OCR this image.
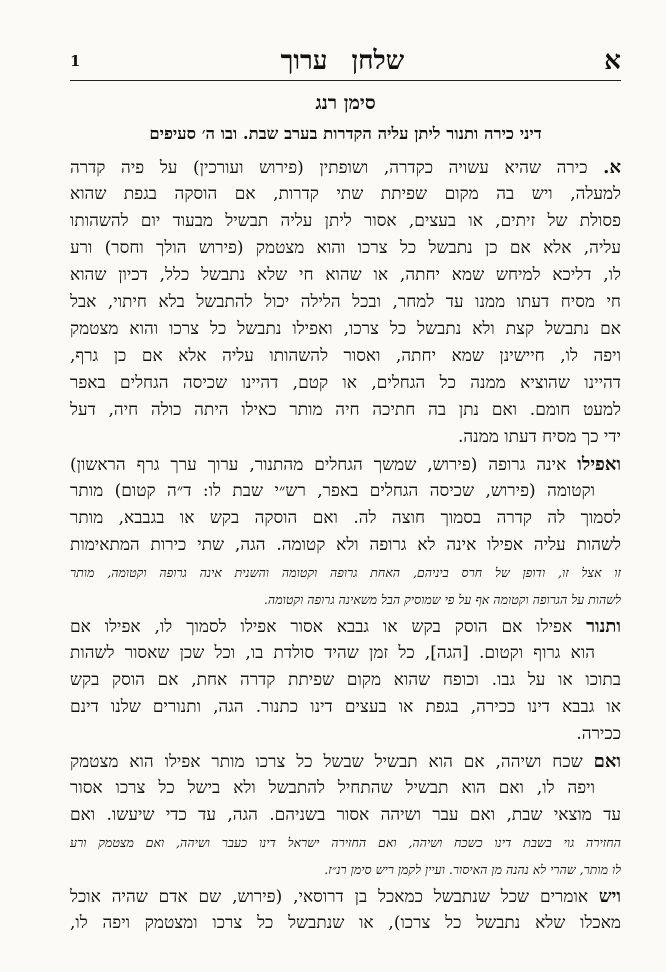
1	שלחן
ערוך	א
סימן רנג
דיני כירה ותנור ליתן עליה הקדרות בערב שבת. ובו ה׳ סעיפים
א. כירה שהיא עשויה כקדרה, ושופתין (פירוש ועורכין) על פיה קדרה
למעלה, ויש בה מקום שפיתת שתי קדרות, אם הוסקה בגפת שהוא
פסולת של זיתים, או בעצים, אסור ליתן עליה תבשיל מבעוד יום להשהותו
עליה, אלא אם כן נתבשל כל צרכו והוא מצטמק (פירוש הולך וחסר) ורע
לו, דליכא למיחש שמא יחתה, או שהוא חי שלא נתבשל כלל, דכיון שהוא
חי מסיח דעתו ממנו עד למחר, ובכל הלילה יכול להתבשל בלא חיתוי, אבל
אם נתבשל קצת ולא נתבשל כל צרכו, ואפילו נתבשל כל צרכו והוא מצטמק
ויפה לו, חיישינן שמא יחתה, ואסור להשהותו עליה אלא אם כן גרף,
דהיינו שהוציא ממנה כל הגחלים, או קטם, דהיינו שכיסה הגחלים באפר
למעט חומם. ואם נתן בה חתיכה חיה מותר כאילו היתה כולה חיה, דעל
ידי כך מסיח דעתו ממנה.
ואפילו אינה גרופה (פירוש, שמשך הגחלים מהתנור, ערוך ערך גרף הראשון)
וקטומה (פירוש, שכיסה הגחלים באפר, רש״י שבת לו: ד״ה קטום) מותר
לסמוך לה קדרה בסמוך חוצה לה. ואם הוסקה בקש או בגבבא, מותר
לשהות עליה אפילו אינה לא גרופה ולא קטומה. הגה, שתי כירות המתאימות
זו אצל זו, ודופן של חרס ביניהם, האחת גרופה וקטומה והשנית אינה גרופה וקטומה, מותר
לשהות על הגרופה וקטומה אף על פי שמוסיק הבל משאינה גרופה וקטומה.
ותנור אפילו אם הוסק בקש או גבבא אסור אפילו לסמוך לו, אפילו אם
הוא גרוף וקטום. [הגה], כל זמן שהיד סולדת בו, וכל שכן שאסור לשהות
בתוכו או על גבו. וכופח שהוא מקום שפיתת קדרה אחת, אם הוסק בקש
או גבבא דינו ככירה, בגפת או בעצים דינו כתנור. הגה, ותנורים שלנו דינם
ככירה.
ואם שכח ושיהה, אם הוא תבשיל שבשל כל צרכו מותר אפילו הוא מצטמק
ויפה לו, ואם הוא תבשיל שהתחיל להתבשל ולא בישל כל צרכו אסור
עד מוצאי שבת, ואם עבר ושיהה אסור בשניהם. הגה, עד כדי שיעשו. ואם
החזירה גוי בשבת דינו כשכח ושיהה, ואם החזירה ישראל דינו כעבר ושיהה, ואם מצטמק ורע
לו מותר, שהרי לא נהנה מן האיסור. ועיין לקמן ריש סימן רנ״ז.
ויש אומרים שכל שנתבשל כמאכל בן דרוסאי, (פירוש, שם אדם שהיה אוכל
מאכלו שלא נתבשל כל צרכו), או שנתבשל כל צרכו ומצטמק ויפה לו,
